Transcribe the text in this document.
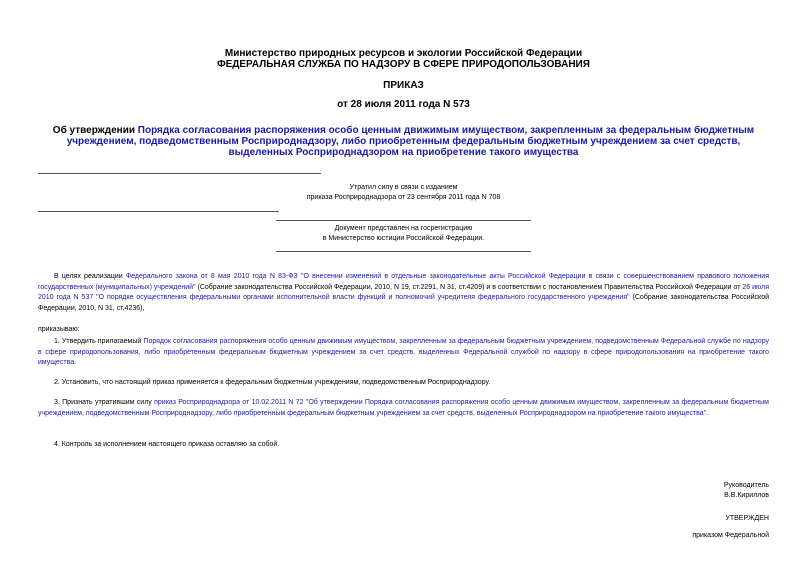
Министерство природных ресурсов и экологии Российской Федерации
ФЕДЕРАЛЬНАЯ СЛУЖБА ПО НАДЗОРУ В СФЕРЕ ПРИРОДОПОЛЬЗОВАНИЯ
ПРИКАЗ
от 28 июля 2011 года N 573
Об утверждении Порядка согласования распоряжения особо ценным движимым имуществом, закрепленным за федеральным бюджетным учреждением, подведомственным Росприроднадзору, либо приобретенным федеральным бюджетным учреждением за счет средств, выделенных Росприроднадзором на приобретение такого имущества
Утратил силу в связи с изданием
приказа Росприроднадзора от 23 сентября 2011 года N 708
Документ представлен на госрегистрацию
в Министерство юстиции Российской Федерации.
В целях реализации Федерального закона от 8 мая 2010 года N 83-ФЗ "О внесении изменений в отдельные законодательные акты Российской Федерации в связи с совершенствованием правового положения государственных (муниципальных) учреждений" (Собрание законодательства Российской Федерации, 2010, N 19, ст.2291, N 31, ст.4209) и в соответствии с постановлением Правительства Российской Федерации от 26 июля 2010 года N 537 "О порядке осуществления федеральными органами исполнительной власти функций и полномочий учредителя федерального государственного учреждения" (Собрание законодательства Российской Федерации, 2010, N 31, ст.4236),
приказываю:
1. Утвердить прилагаемый Порядок согласования распоряжения особо ценным движимым имуществом, закрепленным за федеральным бюджетным учреждением, подведомственным Федеральной службе по надзору в сфере природопользования, либо приобретенным федеральным бюджетным учреждением за счет средств, выделенных Федеральной службой по надзору в сфере природопользования на приобретение такого имущества.
2. Установить, что настоящий приказ применяется к федеральным бюджетным учреждениям, подведомственным Росприроднадзору.
3. Признать утратившим силу приказ Росприроднадзора от 10.02.2011 N 72 "Об утверждении Порядка согласования распоряжения особо ценным движимым имуществом, закрепленным за федеральным бюджетным учреждением, подведомственным Росприроднадзору, либо приобретенным федеральным бюджетным учреждением за счет средств, выделенных Росприроднадзором на приобретение такого имущества".
4. Контроль за исполнением настоящего приказа оставляю за собой.
Руководитель
В.В.Кириллов
УТВЕРЖДЕН
приказом Федеральной
